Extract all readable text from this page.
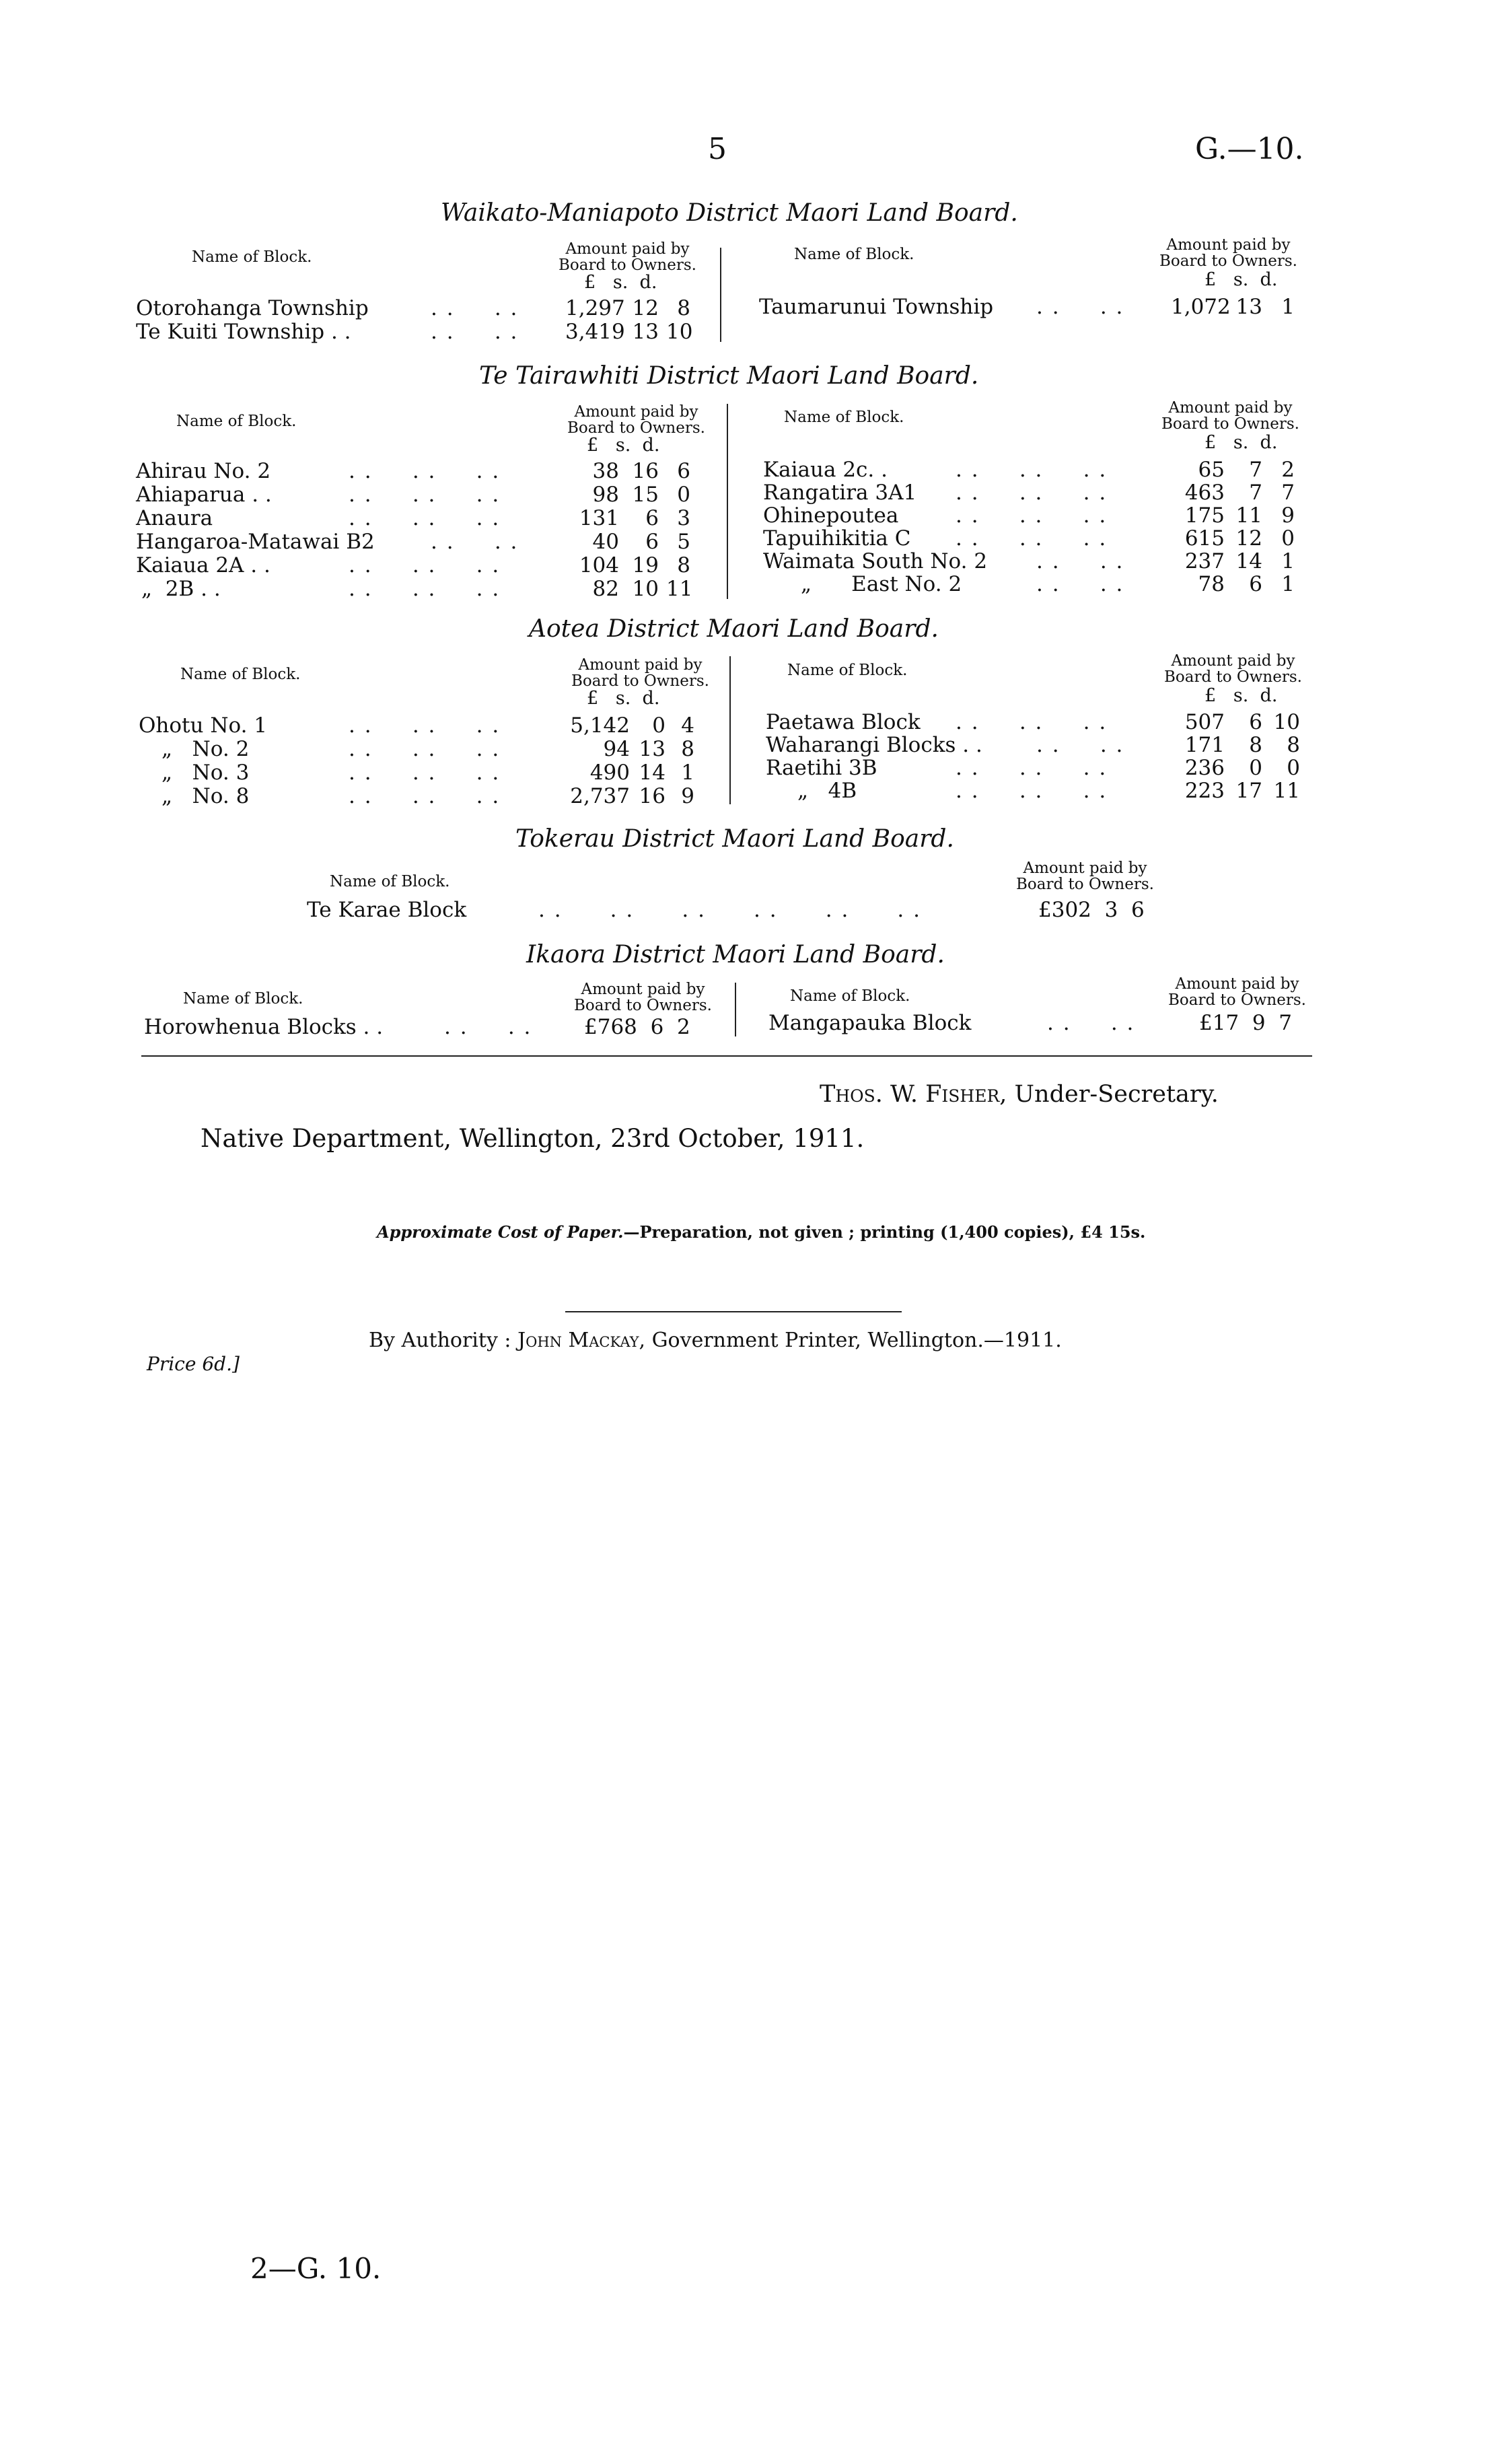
5	G.—10.
Waikato-Maniapoto District Maori Land Board.
Name of Block.	Amount paid by
Board to Owners.
£   s.  d.
Name of Block.
Amount paid by
Board to Owners.
£   s.  d.
Otorohanga Township	. .     . . 1,297 12 8
Te Kuiti Township . .	. .     . . 3,419 13 10
Taumarunui Township . .     . . 1,072 13 1
Te Tairawhiti District Maori Land Board.
Name of Block.
Amount paid by
Board to Owners.
£   s.  d.
Name of Block.
Amount paid by
Board to Owners.
£   s.  d.
Ahirau No. 2	. .     . .     . .	38 16 6
Ahiaparua . .	. .     . .     . .	98 15 0
Anaura	. .     . .     . .	131	6 3
Hangaroa-Matawai B2	. .     . .	40	6 5
Kaiaua 2A . .	. .     . .     . .	104 19 8
„  2B . .	. .     . .     . .	82 10 11
Kaiaua 2c. .	. .     . .     . .	65	7 2
Rangatira 3A1 . .     . .     . .	463	7 7
Ohinepoutea	. .     . .     . .	175 11 9
Tapuihikitia C . .     . .     . .	615 12 0
Waimata South No. 2 . .     . .	237 14 1
„      East No. 2	. .     . .	78	6 1
Aotea District Maori Land Board.
Name of Block.
Amount paid by
Board to Owners.
£   s.  d.
Name of Block.
Amount paid by
Board to Owners.
£   s.  d.
Ohotu No. 1	. .     . .     . .	5,142	0 4
„   No. 2	. .     . .     . .	94 13 8
„   No. 3	. .     . .     . .	490 14 1
„   No. 8	. .     . .     . .	2,737 16 9
Paetawa Block . .     . .     . .	507	6 10
Waharangi Blocks . .	. .     . .	171	8	8
Raetihi 3B	. .     . .     . .	236	0	0
„   4B	. .     . .     . .	223 17 11
Tokerau District Maori Land Board.
Name of Block.
Amount paid by
Board to Owners.
Te Karae Block	. .      . .      . .      . .      . .      . .	£302  3  6
Ikaora District Maori Land Board.
Name of Block.
Amount paid by
Board to Owners.
Name of Block.
Amount paid by
Board to Owners.
Horowhenua Blocks . .	. .     . .	£768  6  2	Mangapauka Block	. .     . .	£17  9  7
Thos. W. Fisher, Under-Secretary.
Native Department, Wellington, 23rd October, 1911.
Approximate Cost of Paper.—Preparation, not given ; printing (1,400 copies), £4 15s.
By Authority : John Mackay, Government Printer, Wellington.—1911.
Price 6d.]
2—G. 10.
